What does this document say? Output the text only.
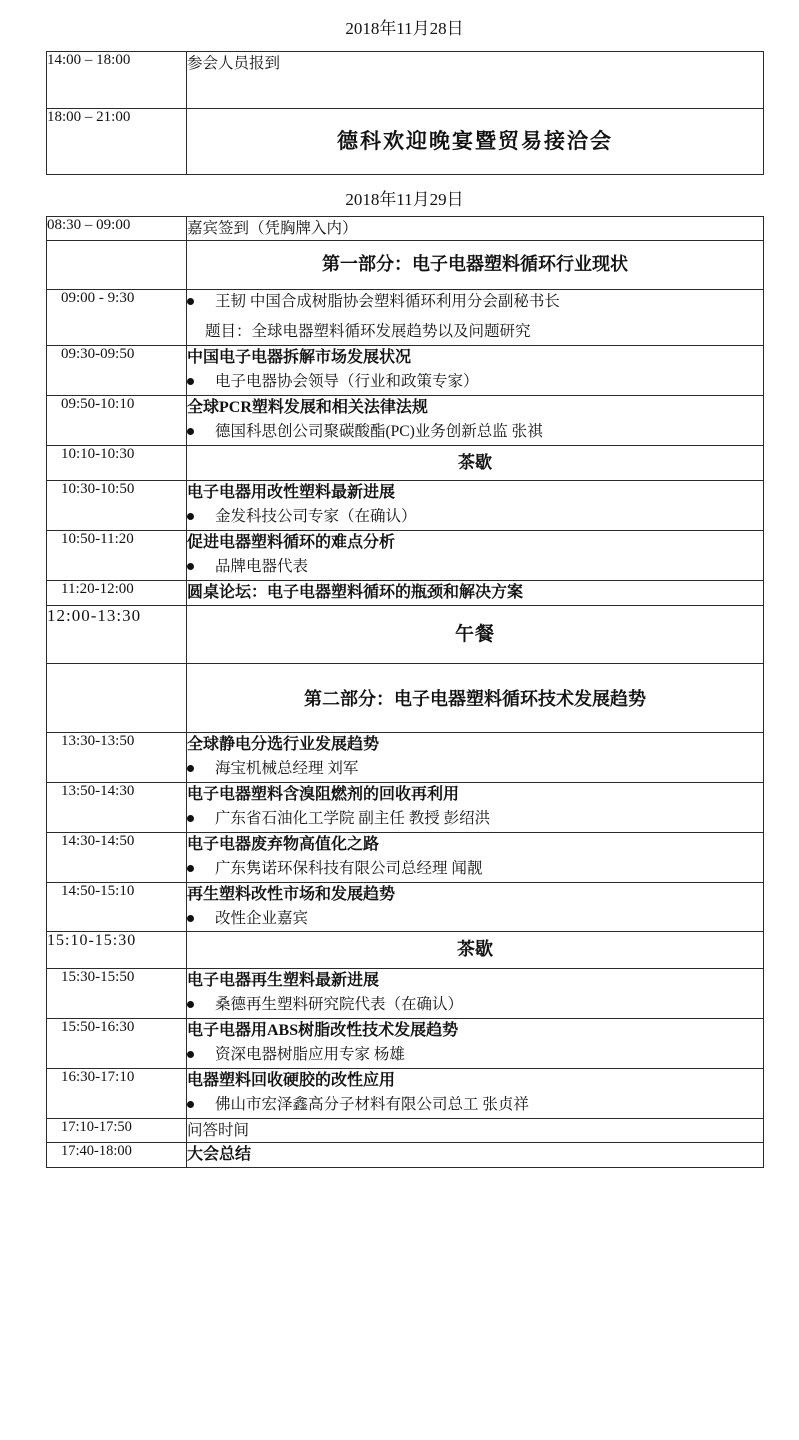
2018年11月28日
14:00 – 18:00	参会人员报到

18:00 – 21:00	德科欢迎晚宴暨贸易接洽会
2018年11月29日
08:30 – 09:00	嘉宾签到（凭胸牌入内）

	第一部分：电子电器塑料循环行业现状

09:00 - 9:30	王韧 中国合成树脂协会塑料循环利用分会副秘书长
题目：全球电器塑料循环发展趋势以及问题研究

09:30-09:50	中国电子电器拆解市场发展状况
电子电器协会领导（行业和政策专家）

09:50-10:10	全球PCR塑料发展和相关法律法规
德国科思创公司聚碳酸酯(PC)业务创新总监 张祺

10:10-10:30	茶歇

10:30-10:50	电子电器用改性塑料最新进展
金发科技公司专家（在确认）

10:50-11:20	促进电器塑料循环的难点分析
品牌电器代表

11:20-12:00	圆桌论坛：电子电器塑料循环的瓶颈和解决方案

12:00-13:30	午餐

	第二部分：电子电器塑料循环技术发展趋势

13:30-13:50	全球静电分选行业发展趋势
海宝机械总经理 刘军

13:50-14:30	电子电器塑料含溴阻燃剂的回收再利用
广东省石油化工学院 副主任 教授 彭绍洪

14:30-14:50	电子电器废弃物高值化之路
广东隽诺环保科技有限公司总经理 闻靓

14:50-15:10	再生塑料改性市场和发展趋势
改性企业嘉宾

15:10-15:30	茶歇

15:30-15:50	电子电器再生塑料最新进展
桑德再生塑料研究院代表（在确认）

15:50-16:30	电子电器用ABS树脂改性技术发展趋势
资深电器树脂应用专家 杨雄

16:30-17:10	电器塑料回收硬胶的改性应用
佛山市宏泽鑫高分子材料有限公司总工 张贞祥

17:10-17:50	问答时间

17:40-18:00	大会总结
